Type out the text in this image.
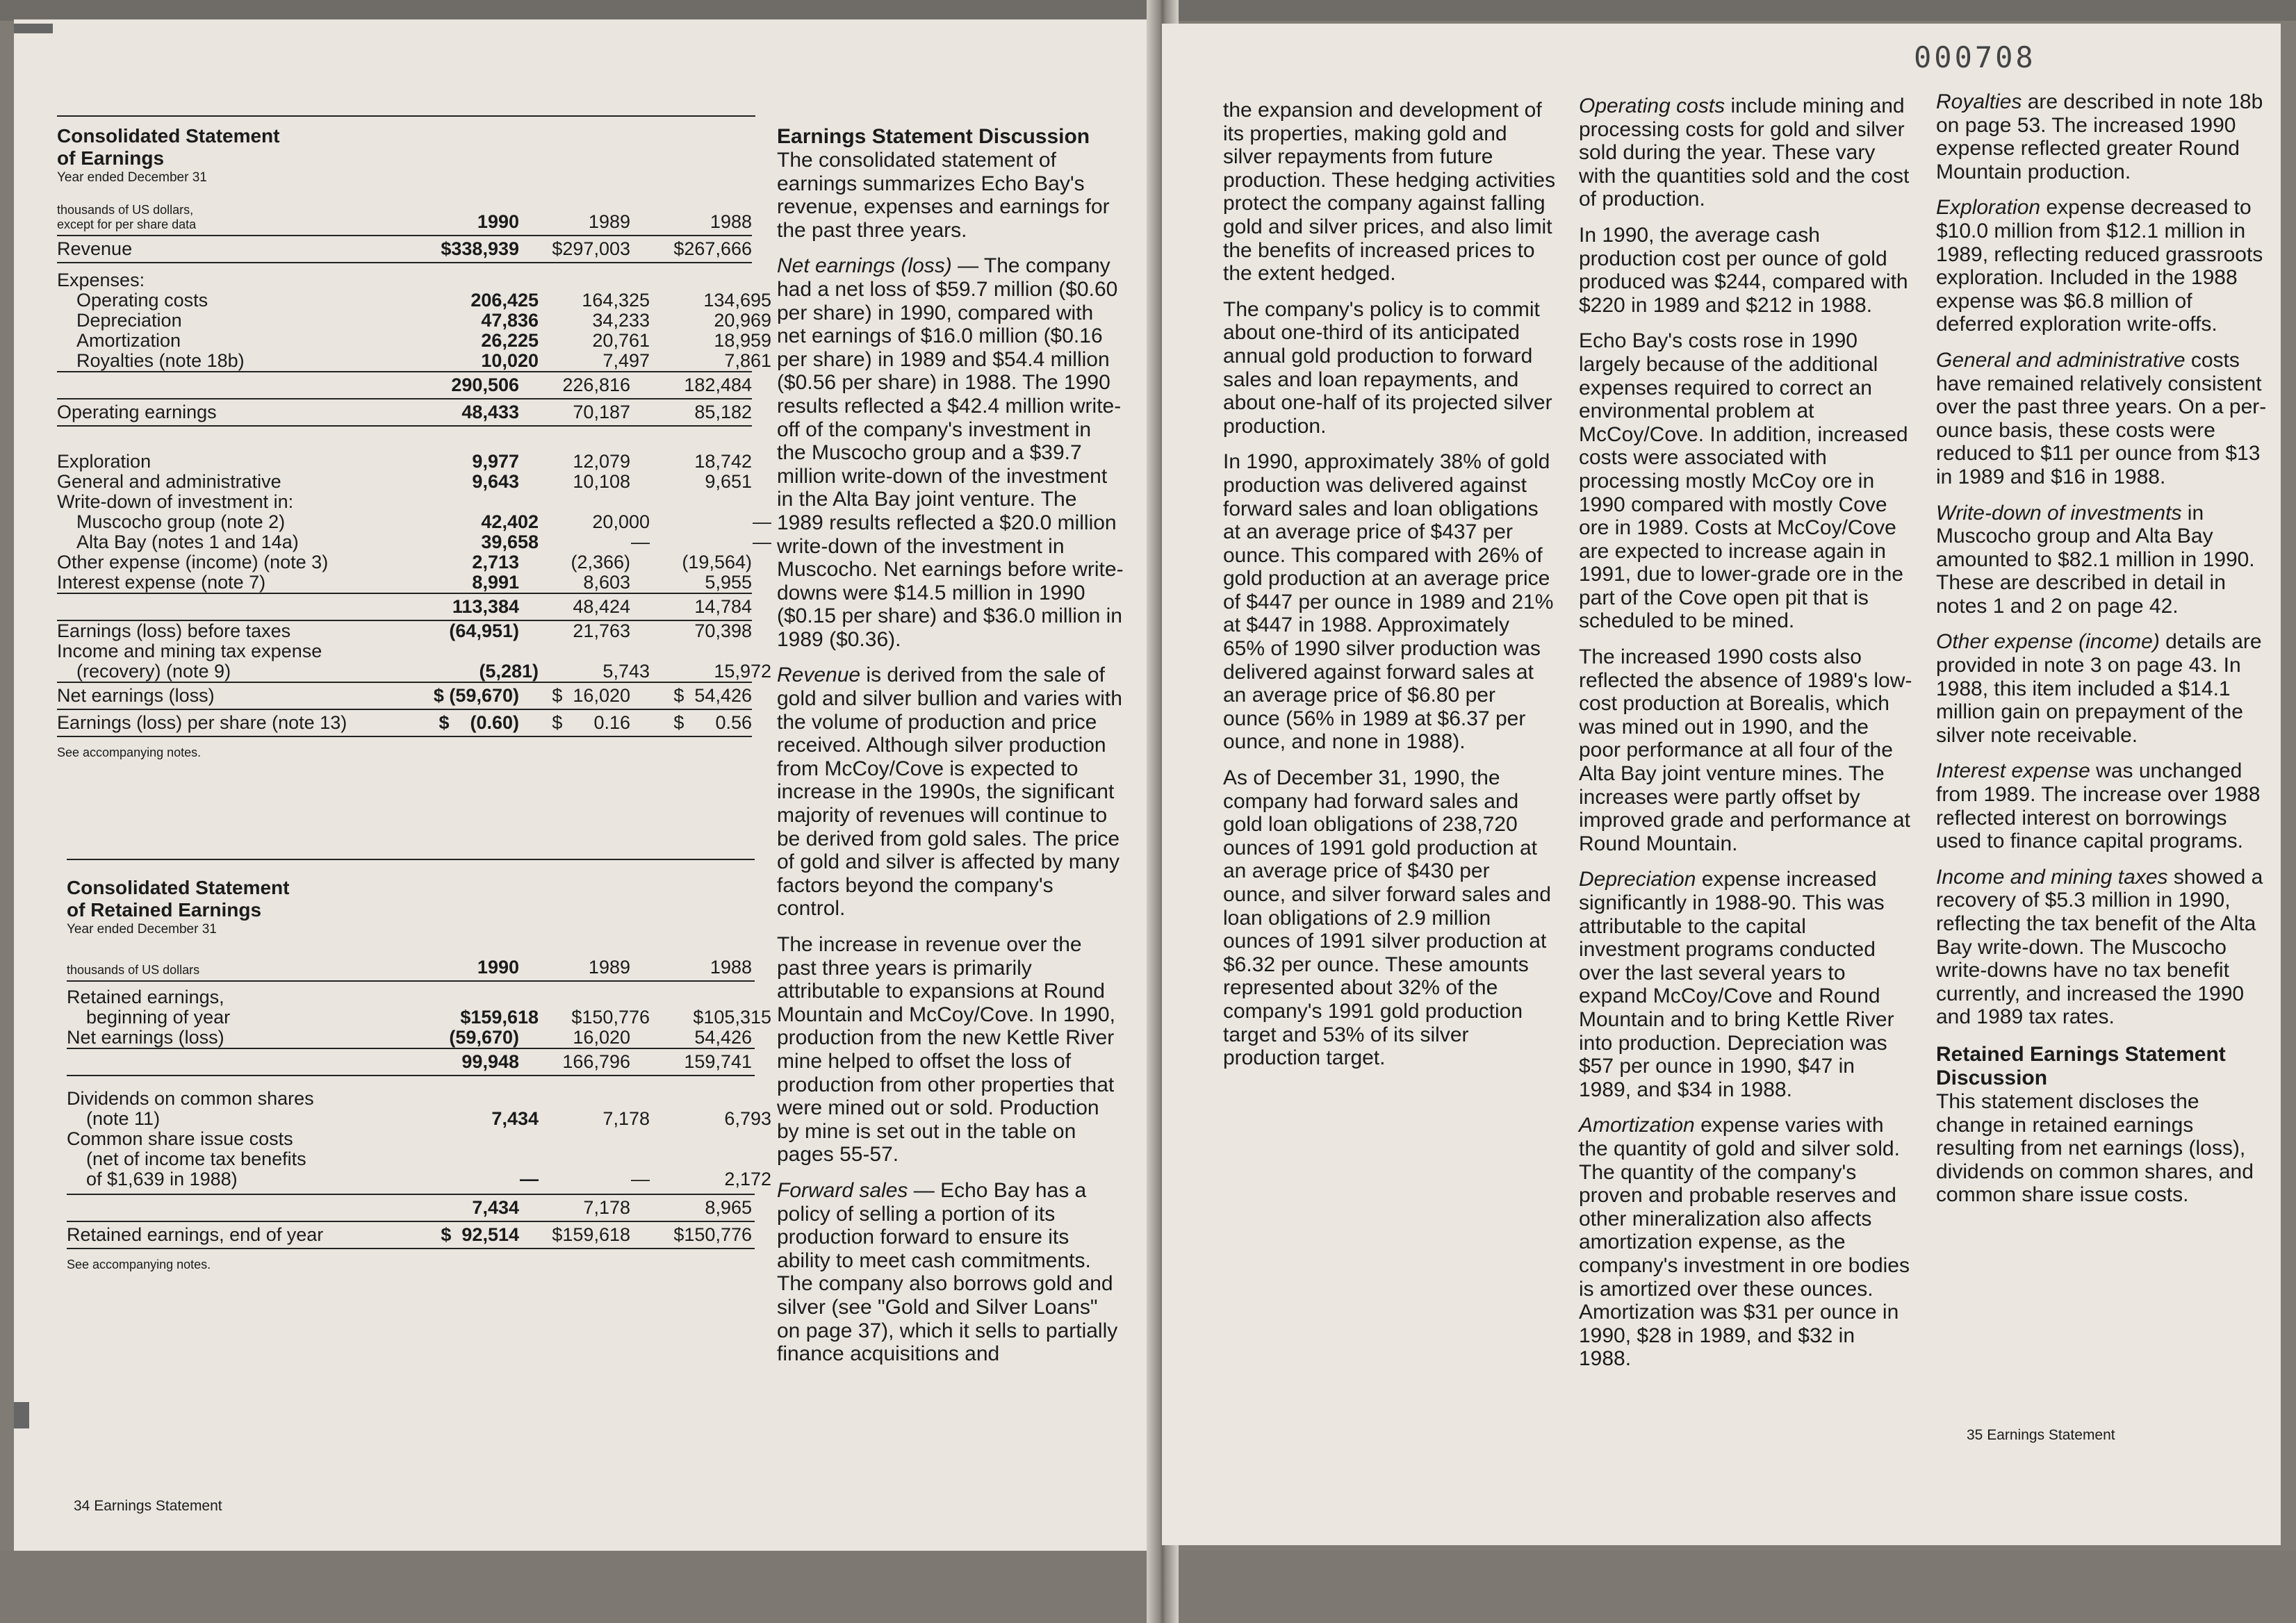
Consolidated Statement
of Earnings
Year ended December 31
thousands of US dollars,
except for per share data	1990	1989	1988
Revenue	$338,939	$297,003	$267,666
Expenses:
Operating costs	206,425	164,325	134,695
Depreciation	47,836	34,233	20,969
Amortization	26,225	20,761	18,959
Royalties (note 18b)	10,020	7,497	7,861
290,506	226,816	182,484
Operating earnings	48,433	70,187	85,182
Exploration	9,977	12,079	18,742
General and administrative	9,643	10,108	9,651
Write-down of investment in:
Muscocho group (note 2)	42,402	20,000	—
Alta Bay (notes 1 and 14a)	39,658	—	—
Other expense (income) (note 3)	2,713	(2,366)	(19,564)
Interest expense (note 7)	8,991	8,603	5,955
113,384	48,424	14,784
Earnings (loss) before taxes	(64,951)	21,763	70,398
Income and mining tax expense
(recovery) (note 9)	(5,281)	5,743	15,972
Net earnings (loss)	$ (59,670)	$  16,020	$  54,426
Earnings (loss) per share (note 13)	$    (0.60)	$      0.16	$      0.56
See accompanying notes.
Consolidated Statement
of Retained Earnings
Year ended December 31
thousands of US dollars	1990	1989	1988
Retained earnings,
beginning of year	$159,618	$150,776	$105,315
Net earnings (loss)	(59,670)	16,020	54,426
99,948	166,796	159,741
Dividends on common shares
(note 11)	7,434	7,178	6,793
Common share issue costs
(net of income tax benefits
of $1,639 in 1988)	—	—	2,172
7,434	7,178	8,965
Retained earnings, end of year	$  92,514	$159,618	$150,776
See accompanying notes.
Earnings Statement Discussion

The consolidated statement of earnings summarizes Echo Bay's revenue, expenses and earnings for the past three years.

Net earnings (loss) — The company had a net loss of $59.7 million ($0.60 per share) in 1990, compared with net earnings of $16.0 million ($0.16 per share) in 1989 and $54.4 million ($0.56 per share) in 1988. The 1990 results reflected a $42.4 million write-off of the company's investment in the Muscocho group and a $39.7 million write-down of the investment in the Alta Bay joint venture. The 1989 results reflected a $20.0 million write-down of the investment in Muscocho. Net earnings before write-downs were $14.5 million in 1990 ($0.15 per share) and $36.0 million in 1989 ($0.36).

Revenue is derived from the sale of gold and silver bullion and varies with the volume of production and price received. Although silver production from McCoy/Cove is expected to increase in the 1990s, the significant majority of revenues will continue to be derived from gold sales. The price of gold and silver is affected by many factors beyond the company's control.

The increase in revenue over the past three years is primarily attributable to expansions at Round Mountain and McCoy/Cove. In 1990, production from the new Kettle River mine helped to offset the loss of production from other properties that were mined out or sold. Production by mine is set out in the table on pages 55-57.

Forward sales — Echo Bay has a policy of selling a portion of its production forward to ensure its ability to meet cash commitments. The company also borrows gold and silver (see "Gold and Silver Loans" on page 37), which it sells to partially finance acquisitions and

34 Earnings Statement
000708

the expansion and development of its properties, making gold and silver repayments from future production. These hedging activities protect the company against falling gold and silver prices, and also limit the benefits of increased prices to the extent hedged.

The company's policy is to commit about one-third of its anticipated annual gold production to forward sales and loan repayments, and about one-half of its projected silver production.

In 1990, approximately 38% of gold production was delivered against forward sales and loan obligations at an average price of $437 per ounce. This compared with 26% of gold production at an average price of $447 per ounce in 1989 and 21% at $447 in 1988. Approximately 65% of 1990 silver production was delivered against forward sales at an average price of $6.80 per ounce (56% in 1989 at $6.37 per ounce, and none in 1988).

As of December 31, 1990, the company had forward sales and gold loan obligations of 238,720 ounces of 1991 gold production at an average price of $430 per ounce, and silver forward sales and loan obligations of 2.9 million ounces of 1991 silver production at $6.32 per ounce. These amounts represented about 32% of the company's 1991 gold production target and 53% of its silver production target.

Operating costs include mining and processing costs for gold and silver sold during the year. These vary with the quantities sold and the cost of production.

In 1990, the average cash production cost per ounce of gold produced was $244, compared with $220 in 1989 and $212 in 1988.

Echo Bay's costs rose in 1990 largely because of the additional expenses required to correct an environmental problem at McCoy/Cove. In addition, increased costs were associated with processing mostly McCoy ore in 1990 compared with mostly Cove ore in 1989. Costs at McCoy/Cove are expected to increase again in 1991, due to lower-grade ore in the part of the Cove open pit that is scheduled to be mined.

The increased 1990 costs also reflected the absence of 1989's low-cost production at Borealis, which was mined out in 1990, and the poor performance at all four of the Alta Bay joint venture mines. The increases were partly offset by improved grade and performance at Round Mountain.

Depreciation expense increased significantly in 1988-90. This was attributable to the capital investment programs conducted over the last several years to expand McCoy/Cove and Round Mountain and to bring Kettle River into production. Depreciation was $57 per ounce in 1990, $47 in 1989, and $34 in 1988.

Amortization expense varies with the quantity of gold and silver sold. The quantity of the company's proven and probable reserves and other mineralization also affects amortization expense, as the company's investment in ore bodies is amortized over these ounces. Amortization was $31 per ounce in 1990, $28 in 1989, and $32 in 1988.

Royalties are described in note 18b on page 53. The increased 1990 expense reflected greater Round Mountain production.

Exploration expense decreased to $10.0 million from $12.1 million in 1989, reflecting reduced grassroots exploration. Included in the 1988 expense was $6.8 million of deferred exploration write-offs.

General and administrative costs have remained relatively consistent over the past three years. On a per-ounce basis, these costs were reduced to $11 per ounce from $13 in 1989 and $16 in 1988.

Write-down of investments in Muscocho group and Alta Bay amounted to $82.1 million in 1990. These are described in detail in notes 1 and 2 on page 42.

Other expense (income) details are provided in note 3 on page 43. In 1988, this item included a $14.1 million gain on prepayment of the silver note receivable.

Interest expense was unchanged from 1989. The increase over 1988 reflected interest on borrowings used to finance capital programs.

Income and mining taxes showed a recovery of $5.3 million in 1990, reflecting the tax benefit of the Alta Bay write-down. The Muscocho write-downs have no tax benefit currently, and increased the 1990 and 1989 tax rates.

Retained Earnings Statement
Discussion

This statement discloses the change in retained earnings resulting from net earnings (loss), dividends on common shares, and common share issue costs.

35 Earnings Statement
